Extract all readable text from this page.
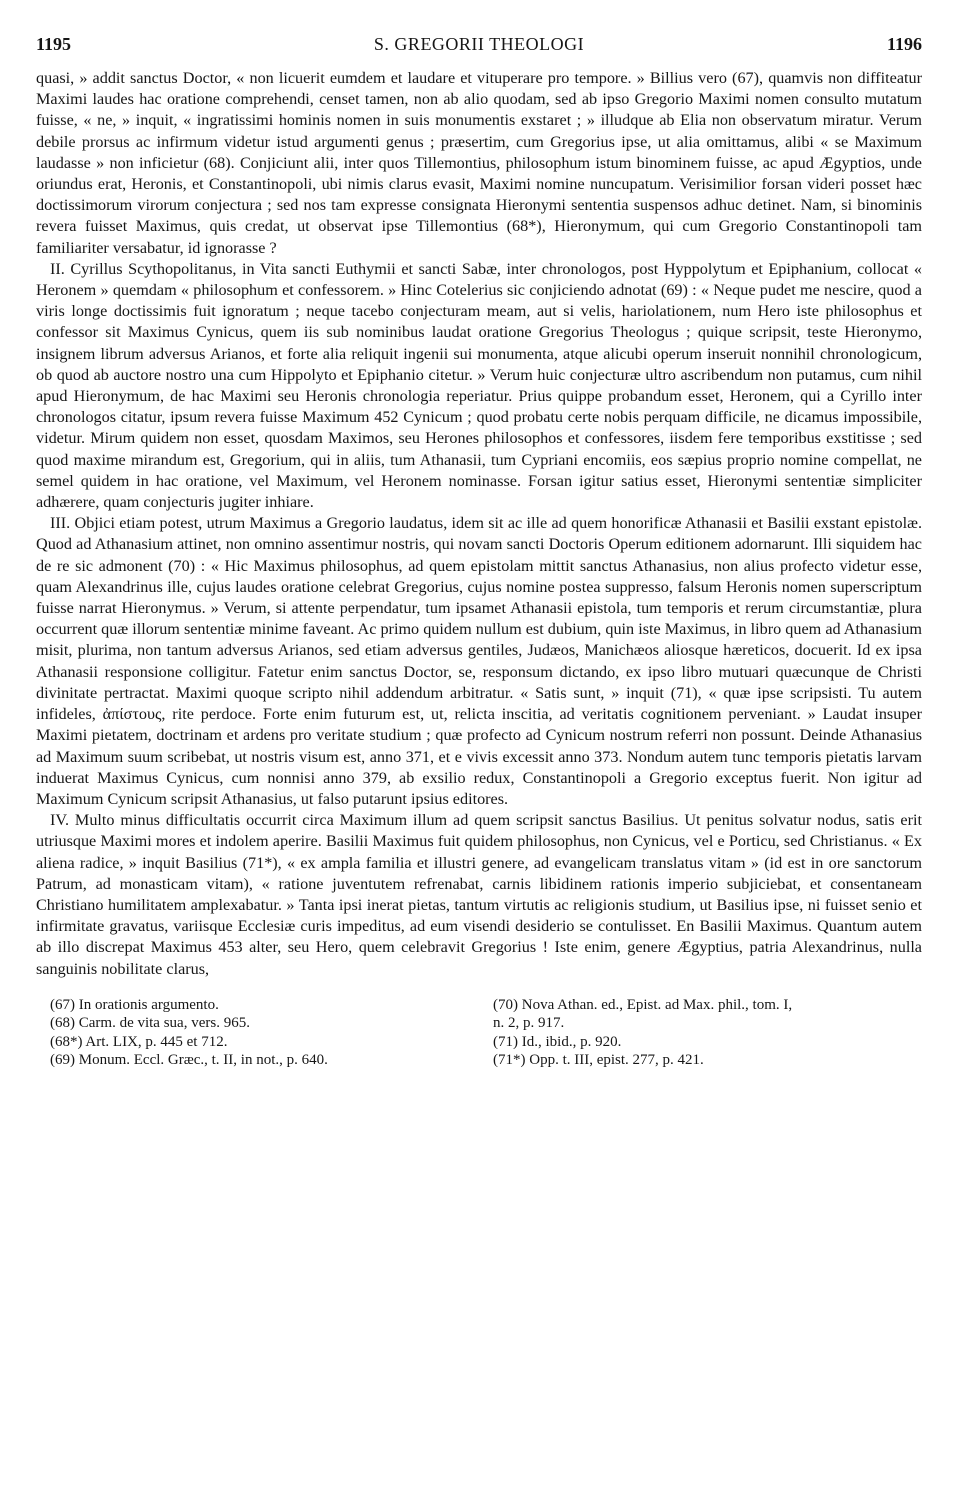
1195	S. GREGORII THEOLOGI	1196

quasi, » addit sanctus Doctor, « non licuerit eumdem et laudare et vituperare pro tempore. » Billius vero (67), quamvis non diffiteatur Maximi laudes hac oratione comprehendi, censet tamen, non ab alio quodam, sed ab ipso Gregorio Maximi nomen consulto mutatum fuisse, « ne, » inquit, « ingratissimi hominis nomen in suis monumentis exstaret ; » illudque ab Elia non observatum miratur. Verum debile prorsus ac infirmum videtur istud argumenti genus ; præsertim, cum Gregorius ipse, ut alia omittamus, alibi « se Maximum laudasse » non inficietur (68). Conjiciunt alii, inter quos Tillemontius, philosophum istum binominem fuisse, ac apud Ægyptios, unde oriundus erat, Heronis, et Constantinopoli, ubi nimis clarus evasit, Maximi nomine nuncupatum. Verisimilior forsan videri posset hæc doctissimorum virorum conjectura ; sed nos tam expresse consignata Hieronymi sententia suspensos adhuc detinet. Nam, si binominis revera fuisset Maximus, quis credat, ut observat ipse Tillemontius (68*), Hieronymum, qui cum Gregorio Constantinopoli tam familiariter versabatur, id ignorasse ?

II. Cyrillus Scythopolitanus, in Vita sancti Euthymii et sancti Sabæ, inter chronologos, post Hyppolytum et Epiphanium, collocat « Heronem » quemdam « philosophum et confessorem. » Hinc Cotelerius sic conjiciendo adnotat (69) : « Neque pudet me nescire, quod a viris longe doctissimis fuit ignoratum ; neque tacebo conjecturam meam, aut si velis, hariolationem, num Hero iste philosophus et confessor sit Maximus Cynicus, quem iis sub nominibus laudat oratione Gregorius Theologus ; quique scripsit, teste Hieronymo, insignem librum adversus Arianos, et forte alia reliquit ingenii sui monumenta, atque alicubi operum inseruit nonnihil chronologicum, ob quod ab auctore nostro una cum Hippolyto et Epiphanio citetur. » Verum huic conjecturæ ultro ascribendum non putamus, cum nihil apud Hieronymum, de hac Maximi seu Heronis chronologia reperiatur. Prius quippe probandum esset, Heronem, qui a Cyrillo inter chronologos citatur, ipsum revera fuisse Maximum 452 Cynicum ; quod probatu certe nobis perquam difficile, ne dicamus impossibile, videtur. Mirum quidem non esset, quosdam Maximos, seu Herones philosophos et confessores, iisdem fere temporibus exstitisse ; sed quod maxime mirandum est, Gregorium, qui in aliis, tum Athanasii, tum Cypriani encomiis, eos sæpius proprio nomine compellat, ne semel quidem in hac oratione, vel Maximum, vel Heronem nominasse. Forsan igitur satius esset, Hieronymi sententiæ simpliciter adhærere, quam conjecturis jugiter inhiare.

III. Objici etiam potest, utrum Maximus a Gregorio laudatus, idem sit ac ille ad quem honorificæ Athanasii et Basilii exstant epistolæ. Quod ad Athanasium attinet, non omnino assentimur nostris, qui novam sancti Doctoris Operum editionem adornarunt. Illi siquidem hac de re sic admonent (70) : « Hic Maximus philosophus, ad quem epistolam mittit sanctus Athanasius, non alius profecto videtur esse, quam Alexandrinus ille, cujus laudes oratione celebrat Gregorius, cujus nomine postea suppresso, falsum Heronis nomen superscriptum fuisse narrat Hieronymus. » Verum, si attente perpendatur, tum ipsamet Athanasii epistola, tum temporis et rerum circumstantiæ, plura occurrent quæ illorum sententiæ minime faveant. Ac primo quidem nullum est dubium, quin iste Maximus, in libro quem ad Athanasium misit, plurima, non tantum adversus Arianos, sed etiam adversus gentiles, Judæos, Manichæos aliosque hæreticos, docuerit. Id ex ipsa Athanasii responsione colligitur. Fatetur enim sanctus Doctor, se, responsum dictando, ex ipso libro mutuari quæcunque de Christi divinitate pertractat. Maximi quoque scripto nihil addendum arbitratur. « Satis sunt, » inquit (71), « quæ ipse scripsisti. Tu autem infideles, ἀπίστους, rite perdoce. Forte enim futurum est, ut, relicta inscitia, ad veritatis cognitionem perveniant. » Laudat insuper Maximi pietatem, doctrinam et ardens pro veritate studium ; quæ profecto ad Cynicum nostrum referri non possunt. Deinde Athanasius ad Maximum suum scribebat, ut nostris visum est, anno 371, et e vivis excessit anno 373. Nondum autem tunc temporis pietatis larvam induerat Maximus Cynicus, cum nonnisi anno 379, ab exsilio redux, Constantinopoli a Gregorio exceptus fuerit. Non igitur ad Maximum Cynicum scripsit Athanasius, ut falso putarunt ipsius editores.

IV. Multo minus difficultatis occurrit circa Maximum illum ad quem scripsit sanctus Basilius. Ut penitus solvatur nodus, satis erit utriusque Maximi mores et indolem aperire. Basilii Maximus fuit quidem philosophus, non Cynicus, vel e Porticu, sed Christianus. « Ex aliena radice, » inquit Basilius (71*), « ex ampla familia et illustri genere, ad evangelicam translatus vitam » (id est in ore sanctorum Patrum, ad monasticam vitam), « ratione juventutem refrenabat, carnis libidinem rationis imperio subjiciebat, et consentaneam Christiano humilitatem amplexabatur. » Tanta ipsi inerat pietas, tantum virtutis ac religionis studium, ut Basilius ipse, ni fuisset senio et infirmitate gravatus, variisque Ecclesiæ curis impeditus, ad eum visendi desiderio se contulisset. En Basilii Maximus. Quantum autem ab illo discrepat Maximus 453 alter, seu Hero, quem celebravit Gregorius ! Iste enim, genere Ægyptius, patria Alexandrinus, nulla sanguinis nobilitate clarus,

(67) In orationis argumento.
(68) Carm. de vita sua, vers. 965.
(68*) Art. LIX, p. 445 et 712.
(69) Monum. Eccl. Græc., t. II, in not., p. 640.
(70) Nova Athan. ed., Epist. ad Max. phil., tom. I,
n. 2, p. 917.
(71) Id., ibid., p. 920.
(71*) Opp. t. III, epist. 277, p. 421.
